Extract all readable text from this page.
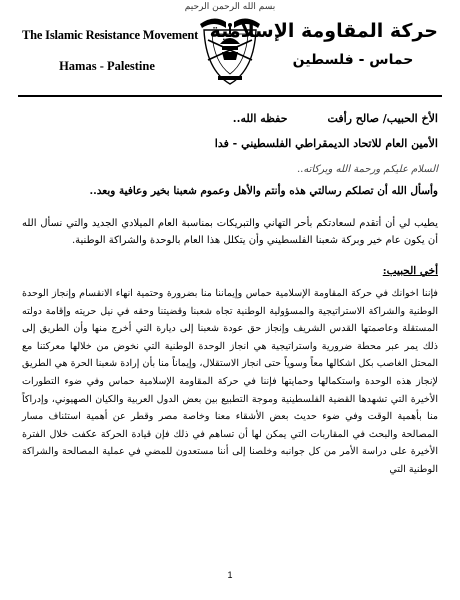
بسم الله الرحمن الرحيم
The Islamic Resistance Movement
Hamas - Palestine
حركة المقاومة الإسلامية
حماس - فلسطين
الأخ الحبيب/ صالح رأفت
حفظه الله..
الأمين العام للاتحاد الديمقراطي الفلسطيني - فدا
السلام عليكم ورحمة الله وبركاته..
وأسأل الله أن تصلكم رسالتي هذه وأنتم والأهل وعموم شعبنا بخير وعافية وبعد..
يطيب لي أن أتقدم لسعادتكم بأحر التهاني والتبريكات بمناسبة العام الميلادي الجديد والتي نسأل الله أن يكون عام خير وبركة شعبنا الفلسطيني وأن يتكلل هذا العام بالوحدة والشراكة الوطنية.
أخي الحبيب:
فإننا اخوانك في حركة المقاومة الإسلامية حماس وإيماننا منا بضرورة وحتمية انهاء الانقسام وإنجاز الوحدة الوطنية والشراكة الاستراتيجية والمسؤولية الوطنية تجاه شعبنا وقضيتنا وحقه في نيل حريته وإقامة دولته المستقلة وعاصمتها القدس الشريف وإنجاز حق عودة شعبنا إلى ديارة التي أخرج منها وأن الطريق إلى ذلك يمر عبر محطة ضرورية واستراتيجية هي انجاز الوحدة الوطنية التي نخوض من خلالها معركتنا مع المحتل الغاصب بكل اشكالها معاً وسوياً حتى انجاز الاستقلال، وإيماناً منا بأن إرادة شعبنا الحرة هي الطريق لإنجاز هذه الوحدة واستكمالها وحمايتها فإننا في حركة المقاومة الإسلامية حماس وفي ضوء التطورات الأخيرة التي تشهدها القضية الفلسطينية وموجة التطبيع بين بعض الدول العربية والكيان الصهيوني، وإدراكاً منا بأهمية الوقت وفي ضوء حديث بعض الأشقاء معنا وخاصة مصر وقطر عن أهمية استئناف مسار المصالحة والبحث في المقاربات التي يمكن لها أن تساهم في ذلك فإن قيادة الحركة عكفت خلال الفترة الأخيرة على دراسة الأمر من كل جوانبه وخلصنا إلى أننا مستعدون للمضي في عملية المصالحة والشراكة الوطنية التي
1
